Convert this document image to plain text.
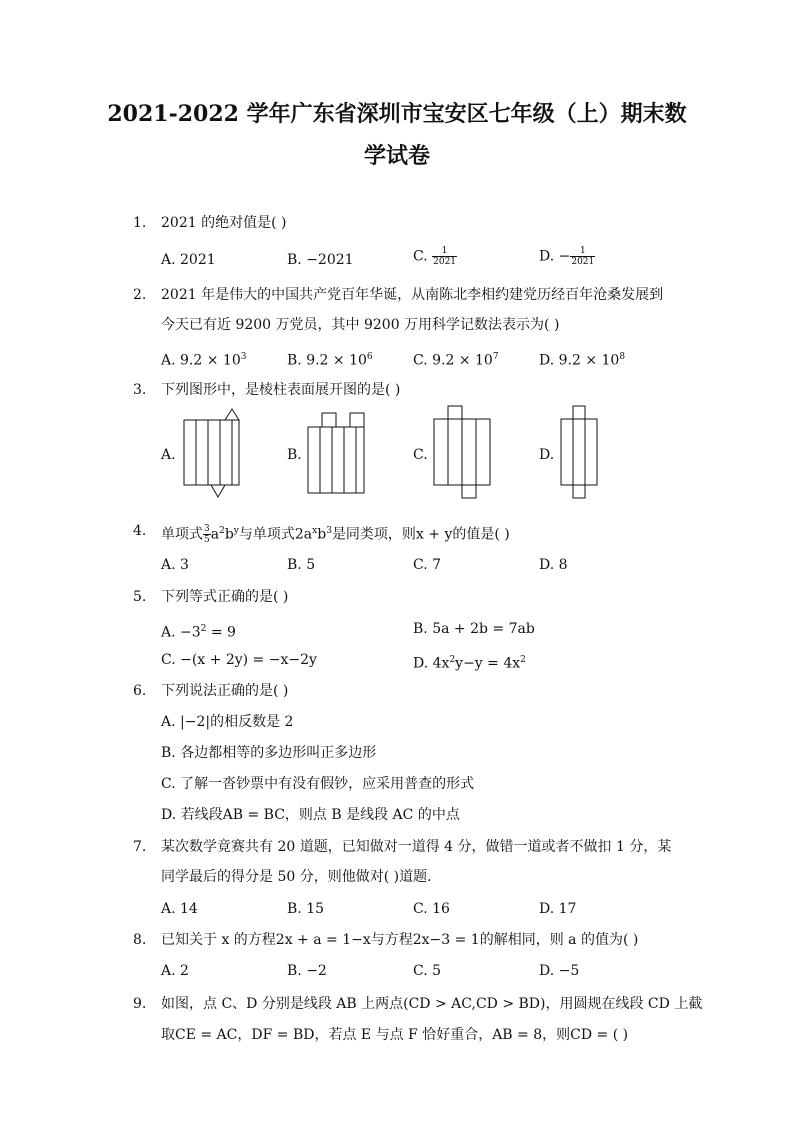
2021-2022 学年广东省深圳市宝安区七年级（上）期末数
学试卷
1. 2021 的绝对值是( )
A. 2021	B. −2021	C. $\frac{1}{2021}$	D. − $\frac{1}{2021}$
2. 2021 年是伟大的中国共产党百年华诞，从南陈北李相约建党历经百年沧桑发展到
今天已有近 9200 万党员，其中 9200 万用科学记数法表示为( )
A. $9.2 \times 10^3$	B. $9.2 \times 10^6$	C. $9.2 \times 10^7$	D. $9.2 \times 10^8$
3. 下列图形中，是棱柱表面展开图的是( )
A.	B.	C.	D.
4. 单项式 $\frac{3}{5} a^2b^y$与单项式$2a^xb^3$是同类项，则x + y的值是( )
A. 3	B. 5	C. 7	D. 8
5. 下列等式正确的是( )
A. $-3^2 = 9$	B. 5a + 2b = 7ab
C. −(x + 2y) = −x−2y	D. $4x^2y-y = 4x^2$
6. 下列说法正确的是( )
A. |−2|的相反数是 2
B. 各边都相等的多边形叫正多边形
C. 了解一沓钞票中有没有假钞，应采用普查的形式
D. 若线段AB = BC，则点 B 是线段 AC 的中点
7. 某次数学竟赛共有 20 道题，已知做对一道得 4 分，做错一道或者不做扣 1 分，某
同学最后的得分是 50 分，则他做对( )道题．
A. 14	B. 15	C. 16	D. 17
8. 已知关于 x 的方程2x + a = 1−x与方程2x−3 = 1的解相同，则 a 的值为( )
A. 2	B. −2	C. 5	D. −5
9. 如图，点 C、D 分别是线段 AB 上两点(CD > AC,CD > BD)，用圆规在线段 CD 上截
取CE = AC，DF = BD，若点 E 与点 F 恰好重合，AB = 8，则CD = ( )
